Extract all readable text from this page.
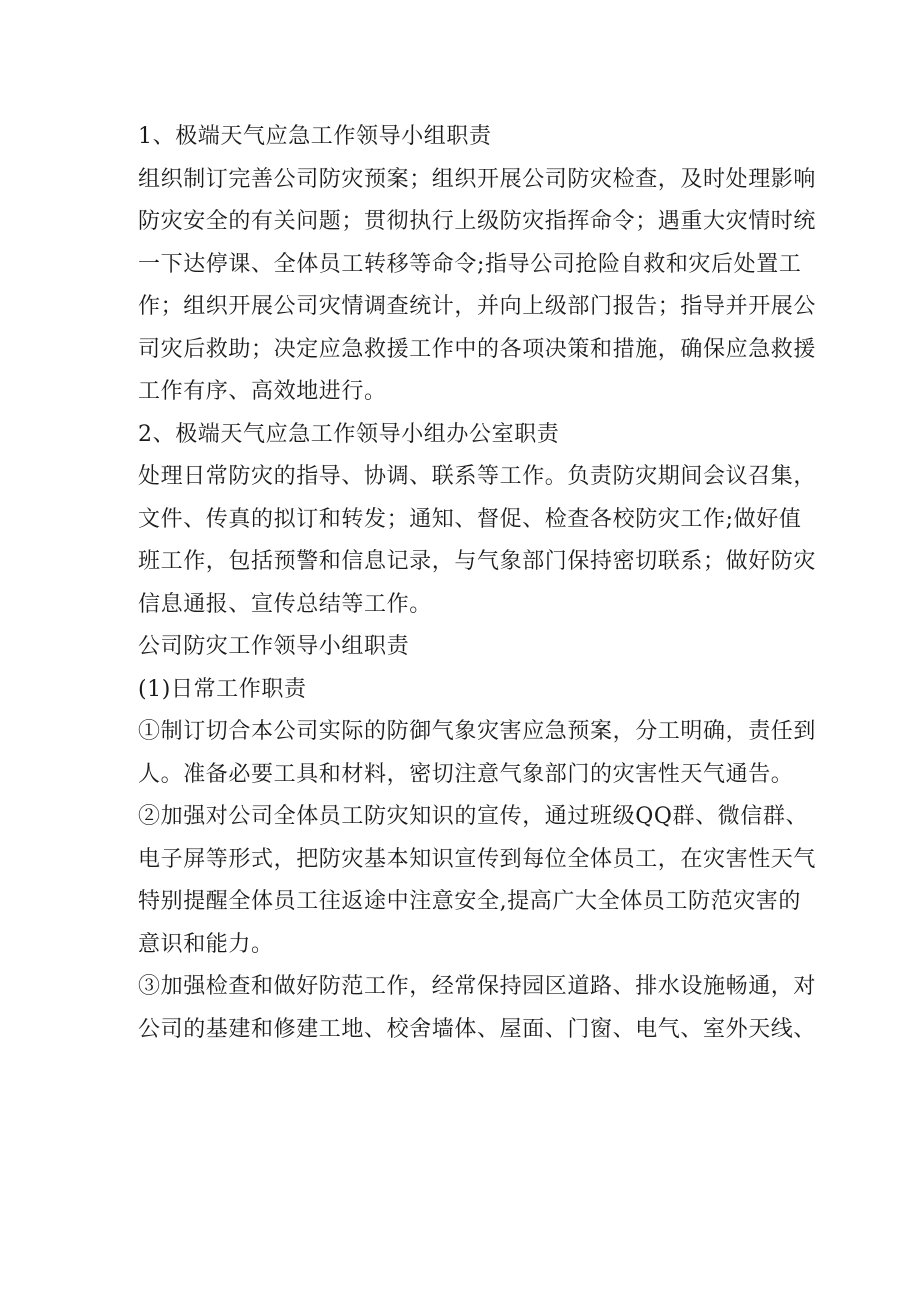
1、极端天气应急工作领导小组职责
组织制订完善公司防灾预案；组织开展公司防灾检查，及时处理影响
防灾安全的有关问题；贯彻执行上级防灾指挥命令；遇重大灾情时统
一下达停课、全体员工转移等命令;指导公司抢险自救和灾后处置工
作；组织开展公司灾情调查统计，并向上级部门报告；指导并开展公
司灾后救助；决定应急救援工作中的各项决策和措施，确保应急救援
工作有序、高效地进行。
2、极端天气应急工作领导小组办公室职责
处理日常防灾的指导、协调、联系等工作。负责防灾期间会议召集，
文件、传真的拟订和转发；通知、督促、检查各校防灾工作;做好值
班工作，包括预警和信息记录，与气象部门保持密切联系；做好防灾
信息通报、宣传总结等工作。
公司防灾工作领导小组职责
(1)日常工作职责
①制订切合本公司实际的防御气象灾害应急预案，分工明确，责任到
人。准备必要工具和材料，密切注意气象部门的灾害性天气通告。
②加强对公司全体员工防灾知识的宣传，通过班级QQ群、微信群、
电子屏等形式，把防灾基本知识宣传到每位全体员工，在灾害性天气
特别提醒全体员工往返途中注意安全,提高广大全体员工防范灾害的
意识和能力。
③加强检查和做好防范工作，经常保持园区道路、排水设施畅通，对
公司的基建和修建工地、校舍墙体、屋面、门窗、电气、室外天线、
